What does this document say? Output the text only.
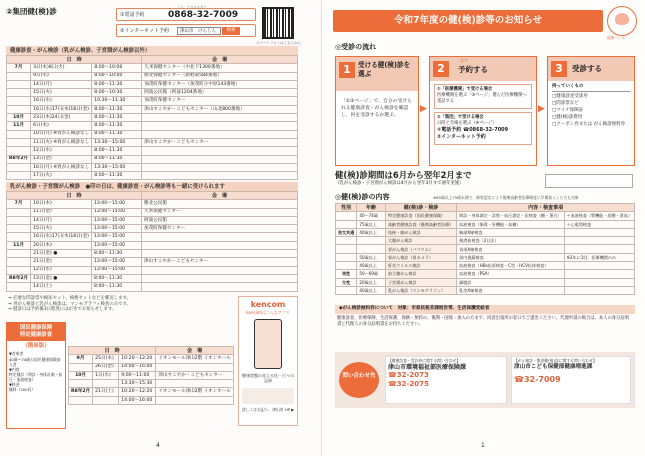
②集団健(検)診	ミニ　ナヨルオギケ
①電話予約	0868-32-7009
②インターネット予約	津山市　けんしん	検索
スマートフォンはこちらから
健康診査・がん検診（乳がん検診、子宮頸がん検診以外）
日　時			会　場
7月	3日(木)8日(火)	8:00〜10:00	久米保健センター（中北下1300番地）
	9日(水)	8:00〜10:00	勝北保健センター（新野東584番地）
	14日(月)	8:00〜11:30	加茂町保健センター（加茂町小中原143番地）
	15日(火)	8:00〜10:30	阿波公民館（阿波1204番地）
	16日(水)	10:30〜11:30	加茂町保健センター
	16日(水)17日(木)18日(金)	8:00〜11:30	津山すこやか・こどもセンター（山北800番地）
10月	23日(木)24日(金)	8:00〜11:30	
11月	6日(木)	8:00〜11:30	
	10日(月) ※胃がん検診なし	8:00〜11:30	
	11日(火) ※胃がん検診なし	13:30〜15:00	津山すこやか・こどもセンター
	12日(水)	8:00〜11:30	
R8年2月	13日(金)	8:00〜11:30	
	16日(月) ※胃がん検診なし	13:30〜15:00	
	17日(火)	8:00〜11:30	
乳がん検診・子宮頸がん検診　●印の日は、健康診査・がん検診等も一緒に受けられます
日　時			会　場
7月	10日(木)	13:00〜15:00	勝北公民館
	11日(金)	13:00〜15:00	久米保健センター
	14日(月)	13:00〜15:00	阿波公民館
	15日(火)	13:00〜15:00	加茂町保健センター
	16日(水)17日(木)18日(金)	13:00〜15:00	
11月	20日(木)	13:00〜15:00	
	21日(金) ●	8:00〜11:30	
	21日(金)	13:00〜15:00	津山すこやか・こどもセンター
	12日(水)	13:00〜15:00	
R8年2月	13日(金) ●	8:00〜11:30	
	14日(土)	8:00〜11:30	
⇒ 必要な問診票や検尿セット、検便セットなどを郵送します。
⇒ 胃がん検診と乳がん検診は、マンモグラフィ検査のみです。
⇒ 健診日は予約後3日程度にはがきでお知らせします。
kencom
kencomはこんなアプリ
健康状態の見える化・日々の記録
詳しくは右記へ　津山市 HP ▶
国民健康保険
特定健康診査
（簡易版）
▼対象者
40歳〜74歳の国民健康保険加入者
▼内容
特定健診（問診・身体計測・血圧・血液検査）
▼料金
無料（200円）
日　時			会　場
9月	25日(木)	10:20〜12:20	イオンモール津山2階 イオンホール
	26日(金)	14:00〜16:00	
10月	1日(水)	9:00〜11:00	津山すこやか・こどもセンター
		13:30〜15:30	
R8年2月	21日(土)	10:20〜12:20	イオンモール津山2階 イオンホール
		14:00〜16:00	
4
令和7年度の健(検)診等のお知らせ
健康づくり
◎受診の流れ
1	受ける健(検)診を選ぶ
「①②ページ」で、自分の受けられる健康診査・がん検診を確認し、何を受診するか選ぶ。
▶
2
必ず
予約する
①「医療機関」で受ける場合
医療機関を選ぶ「③ページ」選んだ医療機関へ電話する
②「集団」で受ける場合
日時と会場を選ぶ（④ページ）
①電話予約 ☎0868-32-7009
②インターネット予約
▶
3	受診する
持っていくもの
□健康診査受診券
□問診票など
□マイナ保険証
□健(検)診費用
□クーポン券または がん検診無料券
健(検)診期間は6月から翌年2月まで
（乳がん検診・子宮頸がん検診は4月から翌年3月まで通年実施）
◎健(検)診の内容	※65歳以上75歳未満で、障害認定により後期高齢者医療制度に早期加入した方も対象
性別	年齢	健(検)診・検診	内容・検査事項	
	40〜74歳	特定健康診査（国民健康保険）	問診・身体測定・診察・血圧測定・尿検査（糖・蛋白）	＋血液検査（腎機能・尿酸・貧血）
	75歳以上	高齢者健康診査（後期高齢者医療）	血液検査（脂質・肝機能・血糖）	＋心電図検査
男女共通	40歳以上	結核・肺がん検診	胸部X線検査	
		大腸がん検診	便潜血検査（2日法）	
		胃がん検診（バリウム）	胃部X線検査	
	50歳以上	胃がん検診（胃カメラ）	胃内視鏡検査	※2年に1回、医療機関のみ
	40歳以上	肝炎ウイルス検診	血液検査（HBs抗原検査・C型・HCV抗体検査）	
男性	50〜69歳	前立腺がん検診	血液検査（PSA）	
女性	20歳以上	子宮頸がん検診	細胞診	
	40歳以上	乳がん検診（マンモグラフィ）	乳房X線検査	
◆がん検診無料券について　対象：市県民税非課税世帯、生活保護受給者
健康診査、医療保険、生活保護、保険・無料の、後期・国保・加入の方まで、同意出張所の窓口でご提出ください。代理申請の場合は、本人の身分証明書と代理人の身分証明書をお持ちください。
問い合わせ先
【健康診査・受診券に関する問い合わせ】
津山市環境福祉部医療保険課
☎32-2073
☎32-2075
【がん検診・集団健(検)診に関する問い合わせ】
津山市こども保健部健康増進課
☎32-7009
1
